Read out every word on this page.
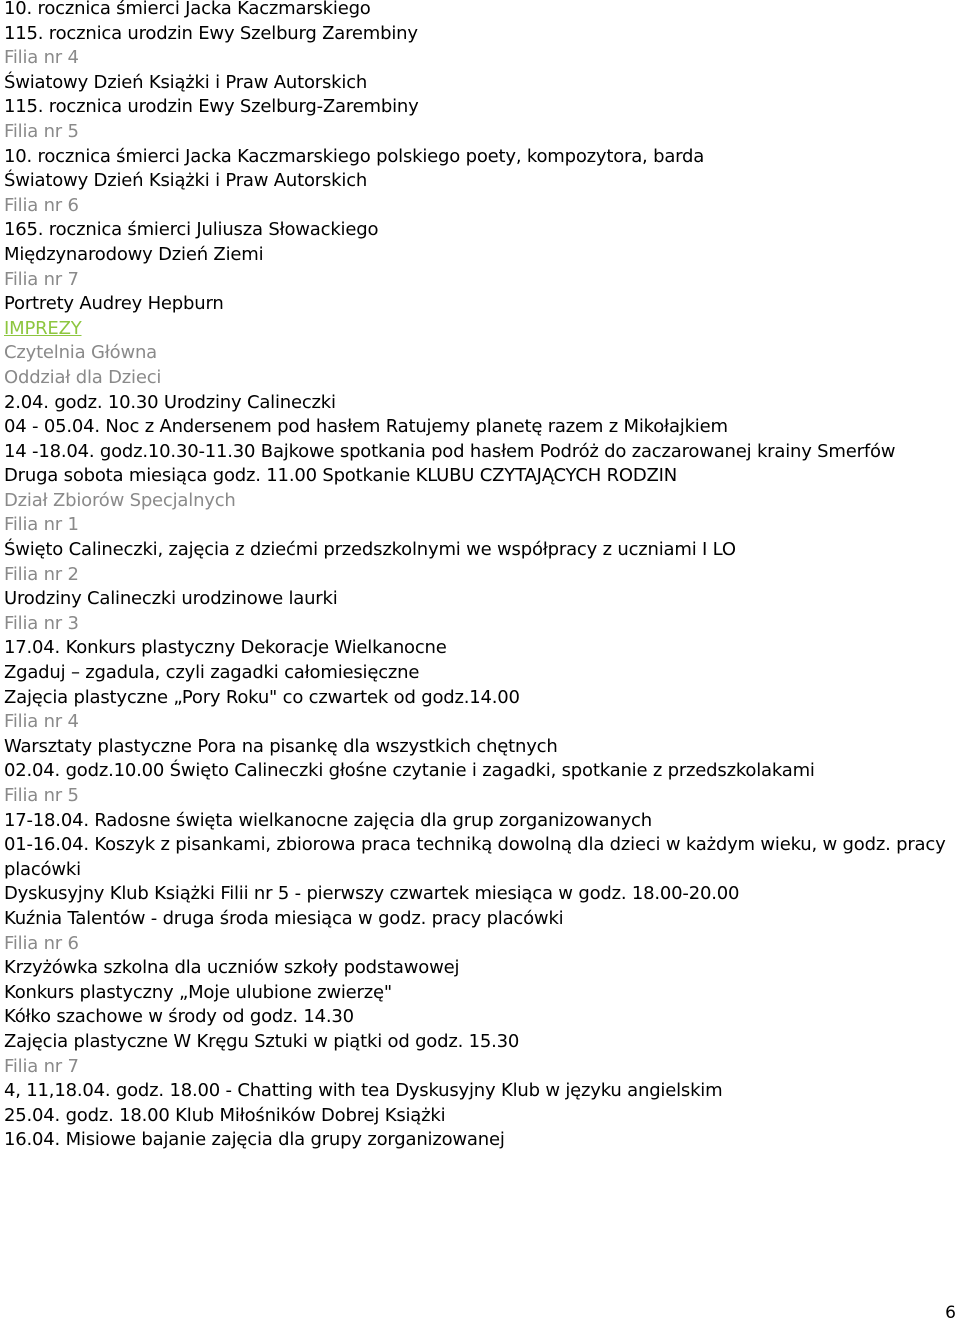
10. rocznica śmierci Jacka Kaczmarskiego
115. rocznica urodzin Ewy Szelburg Zarembiny
Filia nr 4
Światowy Dzień Książki i Praw Autorskich
115. rocznica urodzin Ewy Szelburg-Zarembiny
Filia nr 5
10. rocznica śmierci Jacka Kaczmarskiego polskiego poety, kompozytora, barda
Światowy Dzień Książki i Praw Autorskich
Filia nr 6
165. rocznica śmierci Juliusza Słowackiego
Międzynarodowy Dzień Ziemi
Filia nr 7
Portrety Audrey Hepburn
IMPREZY
Czytelnia Główna
Oddział dla Dzieci
2.04. godz. 10.30 Urodziny Calineczki
04 - 05.04. Noc z Andersenem pod hasłem Ratujemy planetę razem z Mikołajkiem
14 -18.04. godz.10.30-11.30 Bajkowe spotkania pod hasłem Podróż do zaczarowanej krainy Smerfów
Druga sobota miesiąca godz. 11.00 Spotkanie KLUBU CZYTAJĄCYCH RODZIN
Dział Zbiorów Specjalnych
Filia nr 1
Święto Calineczki, zajęcia z dziećmi przedszkolnymi we współpracy z uczniami I LO
Filia nr 2
Urodziny Calineczki urodzinowe laurki
Filia nr 3
17.04. Konkurs plastyczny Dekoracje Wielkanocne
Zgaduj – zgadula, czyli zagadki całomiesięczne
Zajęcia plastyczne „Pory Roku" co czwartek od godz.14.00
Filia nr 4
Warsztaty plastyczne Pora na pisankę dla wszystkich chętnych
02.04. godz.10.00 Święto Calineczki głośne czytanie i zagadki, spotkanie z przedszkolakami
Filia nr 5
17-18.04. Radosne święta wielkanocne zajęcia dla grup zorganizowanych
01-16.04. Koszyk z pisankami, zbiorowa praca techniką dowolną dla dzieci w każdym wieku, w godz. pracy placówki
Dyskusyjny Klub Książki Filii nr 5 - pierwszy czwartek miesiąca w godz. 18.00-20.00
Kuźnia Talentów - druga środa miesiąca w godz. pracy placówki
Filia nr 6
Krzyżówka szkolna dla uczniów szkoły podstawowej
Konkurs plastyczny „Moje ulubione zwierzę"
Kółko szachowe w środy od godz. 14.30
Zajęcia plastyczne W Kręgu Sztuki w piątki od godz. 15.30
Filia nr 7
4, 11,18.04. godz. 18.00 - Chatting with tea Dyskusyjny Klub w języku angielskim
25.04. godz. 18.00 Klub Miłośników Dobrej Książki
16.04. Misiowe bajanie zajęcia dla grupy zorganizowanej
6
